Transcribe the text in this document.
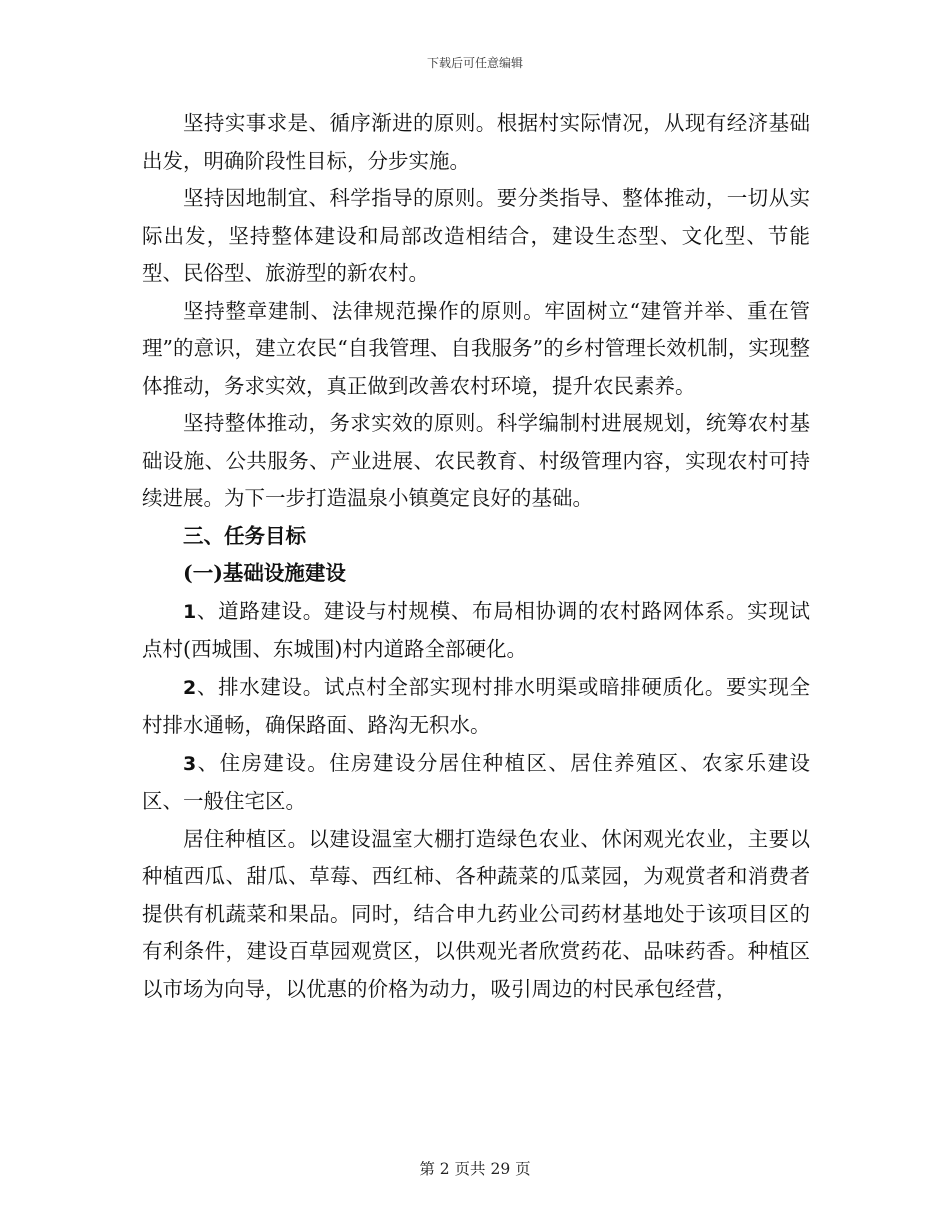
下载后可任意编辑

坚持实事求是、循序渐进的原则。根据村实际情况，从现有经济基础出发，明确阶段性目标，分步实施。

坚持因地制宜、科学指导的原则。要分类指导、整体推动，一切从实际出发，坚持整体建设和局部改造相结合，建设生态型、文化型、节能型、民俗型、旅游型的新农村。

坚持整章建制、法律规范操作的原则。牢固树立“建管并举、重在管理”的意识，建立农民“自我管理、自我服务”的乡村管理长效机制，实现整体推动，务求实效，真正做到改善农村环境，提升农民素养。

坚持整体推动，务求实效的原则。科学编制村进展规划，统筹农村基础设施、公共服务、产业进展、农民教育、村级管理内容，实现农村可持续进展。为下一步打造温泉小镇奠定良好的基础。

三、任务目标

(一)基础设施建设

1、道路建设。建设与村规模、布局相协调的农村路网体系。实现试点村(西城围、东城围)村内道路全部硬化。

2、排水建设。试点村全部实现村排水明渠或暗排硬质化。要实现全村排水通畅，确保路面、路沟无积水。

3、住房建设。住房建设分居住种植区、居住养殖区、农家乐建设区、一般住宅区。

居住种植区。以建设温室大棚打造绿色农业、休闲观光农业，主要以种植西瓜、甜瓜、草莓、西红柿、各种蔬菜的瓜菜园，为观赏者和消费者提供有机蔬菜和果品。同时，结合申九药业公司药材基地处于该项目区的有利条件，建设百草园观赏区，以供观光者欣赏药花、品味药香。种植区以市场为向导，以优惠的价格为动力，吸引周边的村民承包经营，

第 2 页共 29 页
